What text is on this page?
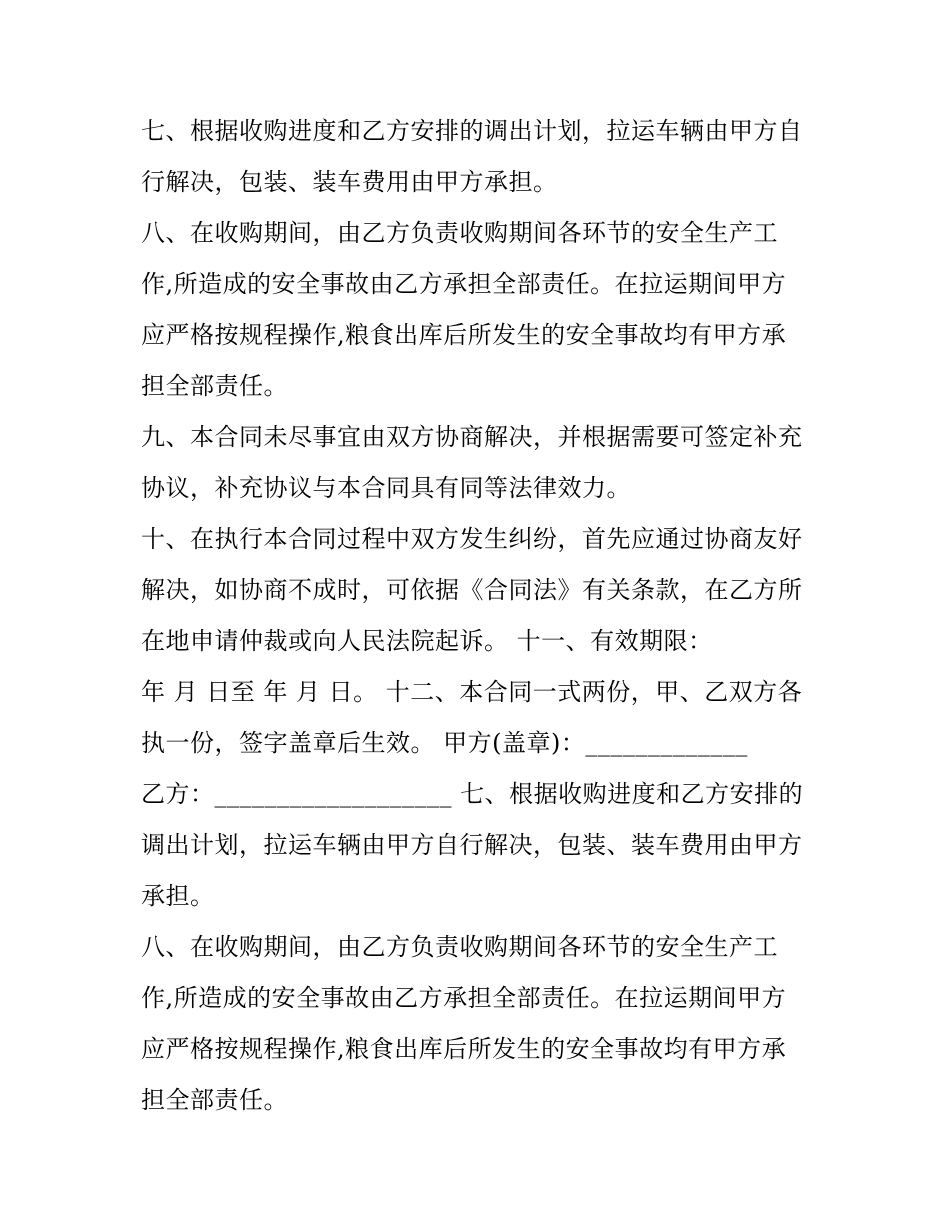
七、根据收购进度和乙方安排的调出计划，拉运车辆由甲方自
行解决，包装、装车费用由甲方承担。
八、在收购期间，由乙方负责收购期间各环节的安全生产工
作,所造成的安全事故由乙方承担全部责任。在拉运期间甲方
应严格按规程操作,粮食出库后所发生的安全事故均有甲方承
担全部责任。
九、本合同未尽事宜由双方协商解决，并根据需要可签定补充
协议，补充协议与本合同具有同等法律效力。
十、在执行本合同过程中双方发生纠纷，首先应通过协商友好
解决，如协商不成时，可依据《合同法》有关条款，在乙方所
在地申请仲裁或向人民法院起诉。 十一、有效期限：
年 月 日至 年 月 日。 十二、本合同一式两份，甲、乙双方各
执一份，签字盖章后生效。 甲方(盖章)：_____________
乙方：___________________ 七、根据收购进度和乙方安排的
调出计划，拉运车辆由甲方自行解决，包装、装车费用由甲方
承担。
八、在收购期间，由乙方负责收购期间各环节的安全生产工
作,所造成的安全事故由乙方承担全部责任。在拉运期间甲方
应严格按规程操作,粮食出库后所发生的安全事故均有甲方承
担全部责任。
